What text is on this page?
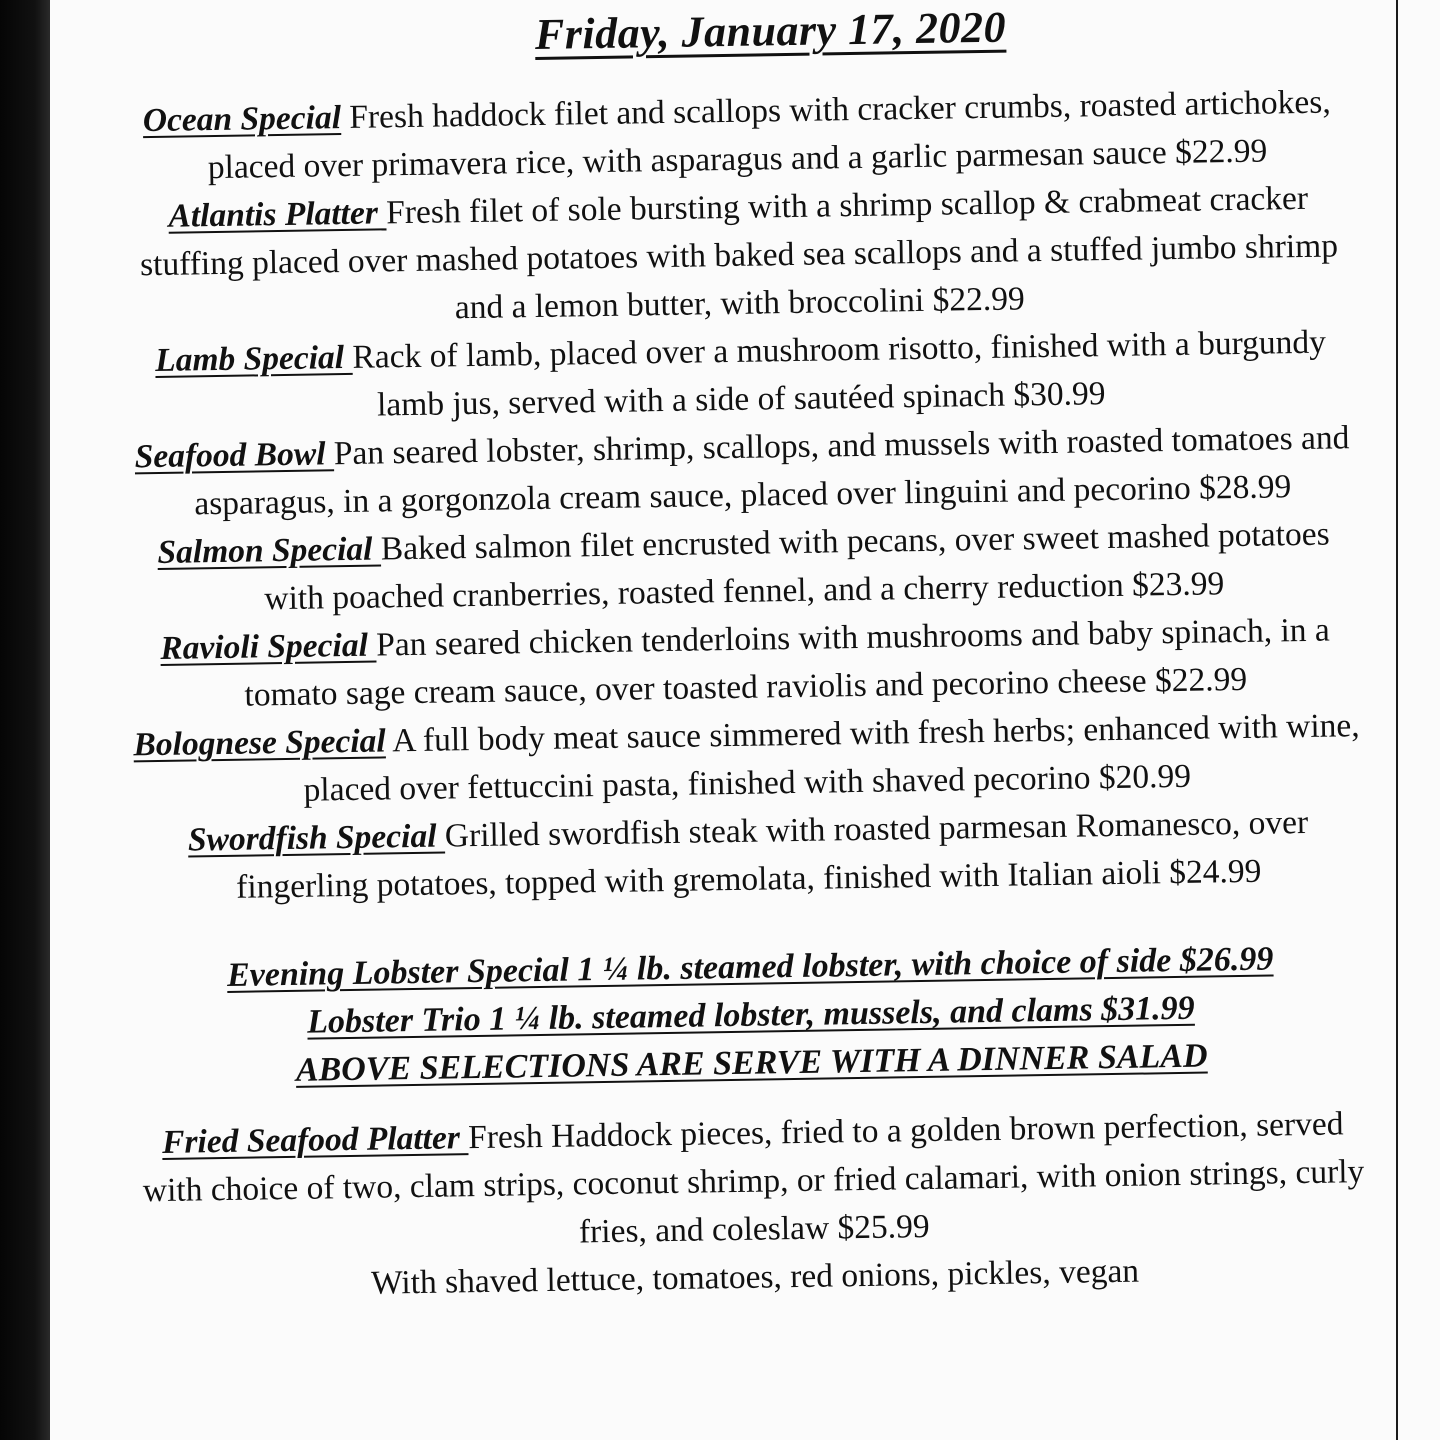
Friday, January 17, 2020

Ocean Special Fresh haddock filet and scallops with cracker crumbs, roasted artichokes, placed over primavera rice, with asparagus and a garlic parmesan sauce $22.99

Atlantis Platter Fresh filet of sole bursting with a shrimp scallop & crabmeat cracker stuffing placed over mashed potatoes with baked sea scallops and a stuffed jumbo shrimp and a lemon butter, with broccolini $22.99

Lamb Special Rack of lamb, placed over a mushroom risotto, finished with a burgundy lamb jus, served with a side of sautéed spinach $30.99

Seafood Bowl Pan seared lobster, shrimp, scallops, and mussels with roasted tomatoes and asparagus, in a gorgonzola cream sauce, placed over linguini and pecorino $28.99

Salmon Special Baked salmon filet encrusted with pecans, over sweet mashed potatoes with poached cranberries, roasted fennel, and a cherry reduction $23.99

Ravioli Special Pan seared chicken tenderloins with mushrooms and baby spinach, in a tomato sage cream sauce, over toasted raviolis and pecorino cheese $22.99

Bolognese Special A full body meat sauce simmered with fresh herbs; enhanced with wine, placed over fettuccini pasta, finished with shaved pecorino $20.99

Swordfish Special Grilled swordfish steak with roasted parmesan Romanesco, over fingerling potatoes, topped with gremolata, finished with Italian aioli $24.99

Evening Lobster Special 1 ¼ lb. steamed lobster, with choice of side $26.99

Lobster Trio 1 ¼ lb. steamed lobster, mussels, and clams $31.99

ABOVE SELECTIONS ARE SERVE WITH A DINNER SALAD

Fried Seafood Platter Fresh Haddock pieces, fried to a golden brown perfection, served with choice of two, clam strips, coconut shrimp, or fried calamari, with onion strings, curly fries, and coleslaw $25.99

With shaved lettuce, tomatoes, red onions, pickles, vegan
